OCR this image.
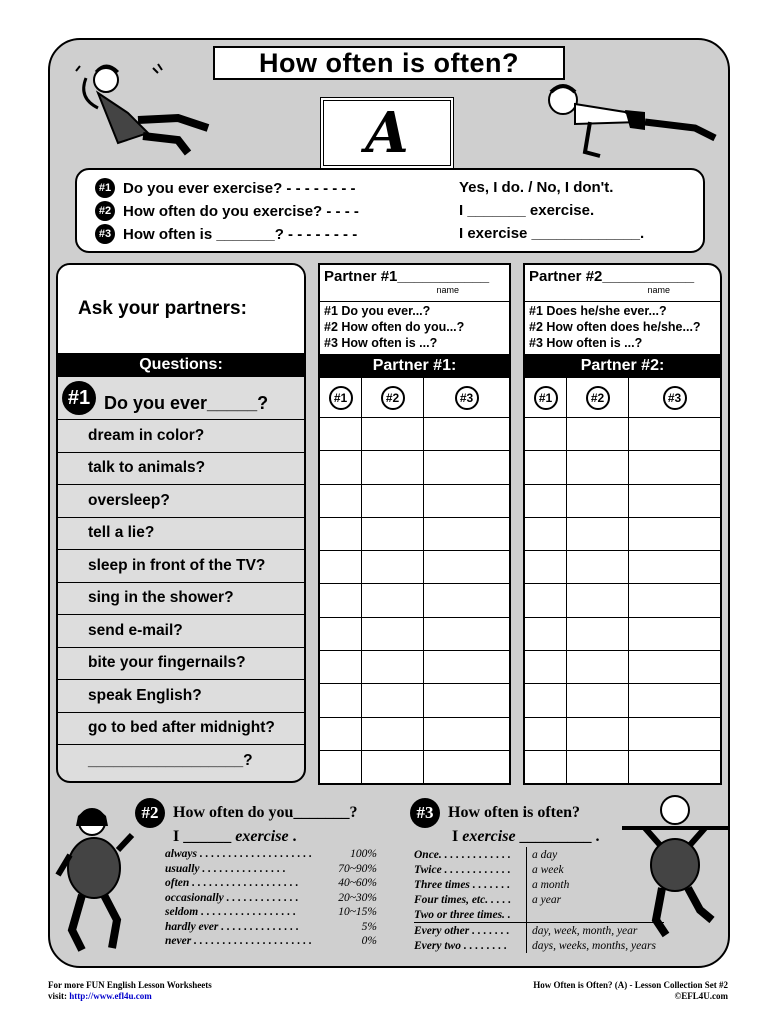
How often is often?
A
#1 Do you ever exercise? - - - - - - - -	Yes, I do. / No, I don't.
#2 How often do you exercise? - - - -	I _______ exercise.
#3 How often is _______? - - - - - - - -	I exercise _____________.
Ask your partners:
Questions:
#1 Do you ever_____?
dream in color?
talk to animals?
oversleep?
tell a lie?
sleep in front of the TV?
sing in the shower?
send e-mail?
bite your fingernails?
speak English?
go to bed after midnight?
__________________?
Partner #1___________
name
#1 Do you ever...?
#2 How often do you...?
#3 How often is ...?
Partner #1:
#1	#2	#3
Partner #2___________
name
#1 Does he/she ever...?
#2 How often does he/she...?
#3 How often is ...?
Partner #2:
#1	#2	#3
#2 How often do you_______?
I ______ exercise .
always . . . . . . . . . . . . . . . . . . . .	100%
usually . . . . . . . . . . . . . . .	70~90%
often . . . . . . . . . . . . . . . . . . .	40~60%
occasionally . . . . . . . . . . . . .	20~30%
seldom . . . . . . . . . . . . . . . . .	10~15%
hardly ever . . . . . . . . . . . . . .	5%
never . . . . . . . . . . . . . . . . . . . . .	0%
#3 How often is often?
I exercise _________ .
Once. . . . . . . . . . . . .	a day
Twice . . . . . . . . . . . .	a week
Three times . . . . . . .	a month
Four times, etc. . . . .	a year
Two or three times. .
Every other . . . . . . .	day, week, month, year
Every two . . . . . . . .	days, weeks, months, years
For more FUN English Lesson Worksheets
visit: http://www.efl4u.com
How Often is Often? (A) - Lesson Collection Set #2
©EFL4U.com
